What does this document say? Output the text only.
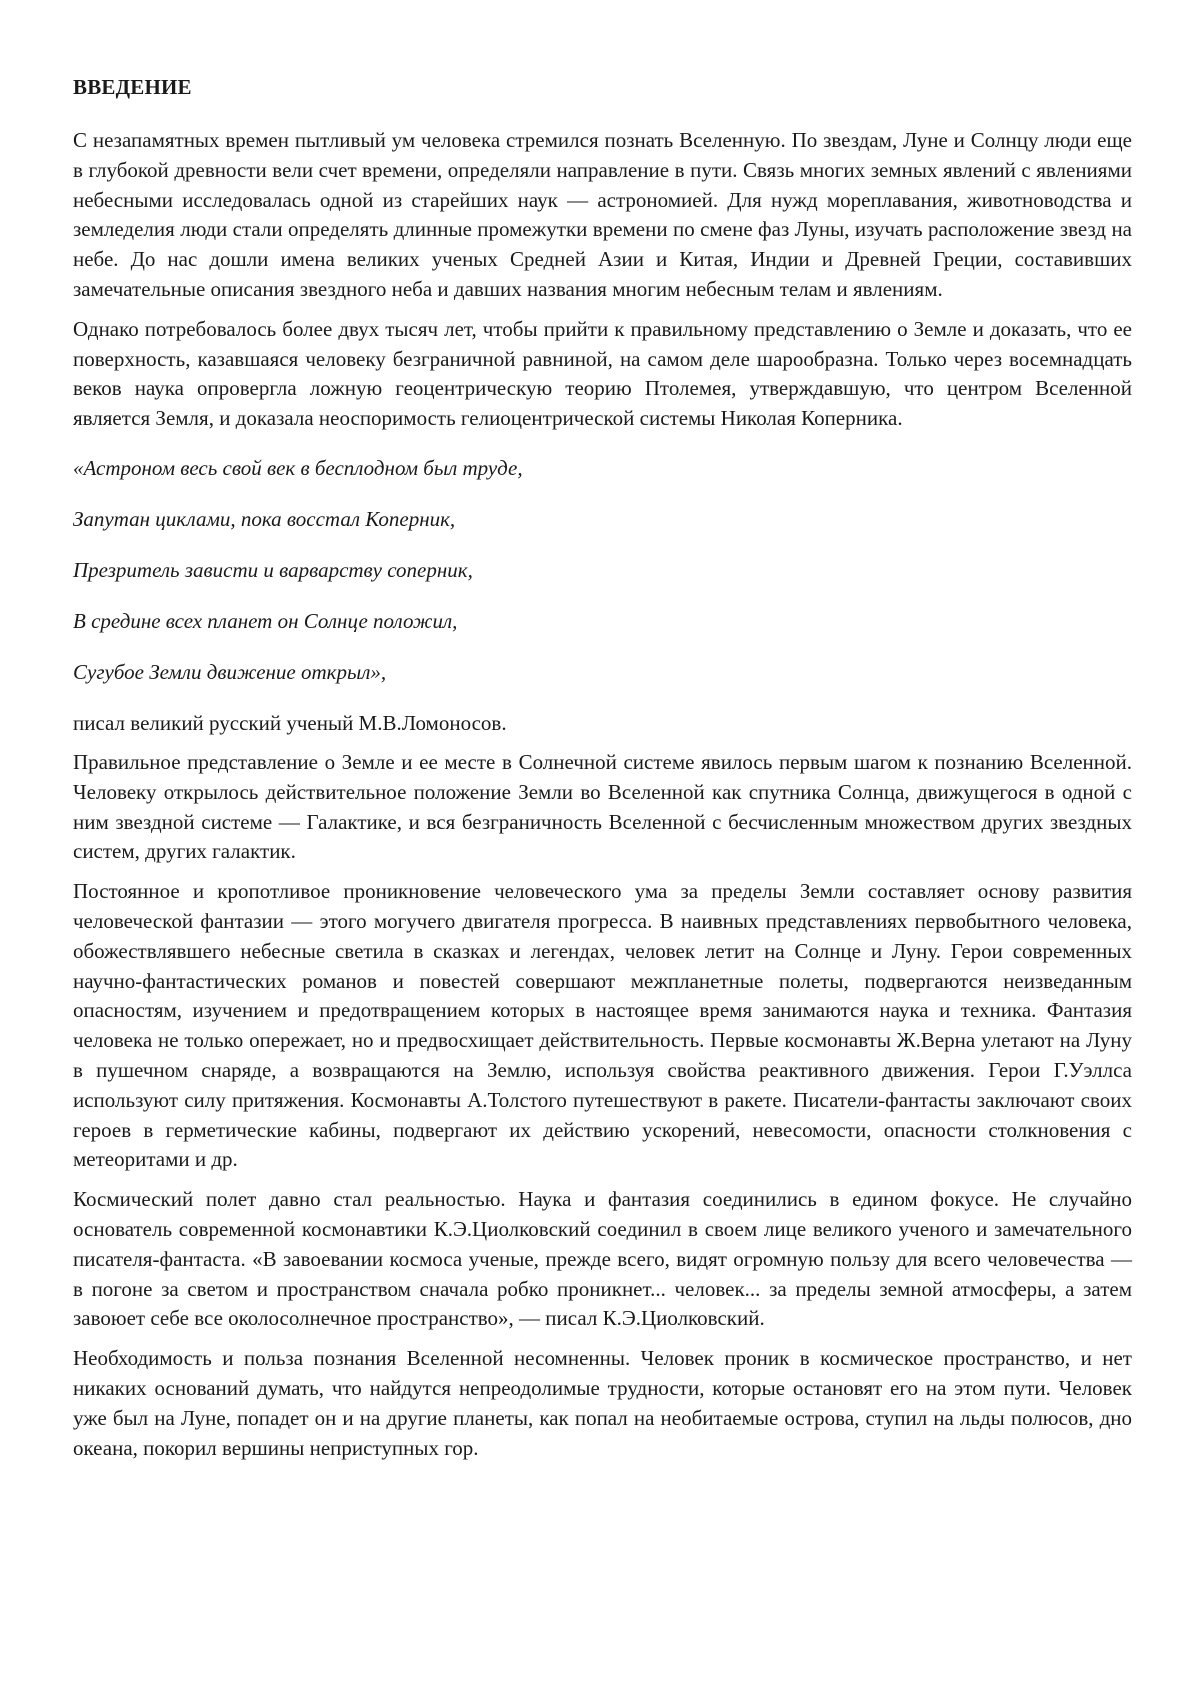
ВВЕДЕНИЕ

С незапамятных времен пытливый ум человека стремился познать Вселенную. По звездам, Луне и Солнцу люди еще в глубокой древности вели счет времени, определяли направление в пути. Связь многих земных явлений с явлениями небесными исследовалась одной из старейших наук — астрономией. Для нужд мореплавания, животноводства и земледелия люди стали определять длинные промежутки времени по смене фаз Луны, изучать расположение звезд на небе. До нас дошли имена великих ученых Средней Азии и Китая, Индии и Древней Греции, составивших замечательные описания звездного неба и давших названия многим небесным телам и явлениям.

Однако потребовалось более двух тысяч лет, чтобы прийти к правильному представлению о Земле и доказать, что ее поверхность, казавшаяся человеку безграничной равниной, на самом деле шарообразна. Только через восемнадцать веков наука опровергла ложную геоцентрическую теорию Птолемея, утверждавшую, что центром Вселенной является Земля, и доказала неоспоримость гелиоцентрической системы Николая Коперника.

«Астроном весь свой век в бесплодном был труде,

Запутан циклами, пока восстал Коперник,

Презритель зависти и варварству соперник,

В средине всех планет он Солнце положил,

Сугубое Земли движение открыл»,

писал великий русский ученый М.В.Ломоносов.

Правильное представление о Земле и ее месте в Солнечной системе явилось первым шагом к познанию Вселенной. Человеку открылось действительное положение Земли во Вселенной как спутника Солнца, движущегося в одной с ним звездной системе — Галактике, и вся безграничность Вселенной с бесчисленным множеством других звездных систем, других галактик.

Постоянное и кропотливое проникновение человеческого ума за пределы Земли составляет основу развития человеческой фантазии — этого могучего двигателя прогресса. В наивных представлениях первобытного человека, обожествлявшего небесные светила в сказках и легендах, человек летит на Солнце и Луну. Герои современных научно-фантастических романов и повестей совершают межпланетные полеты, подвергаются неизведанным опасностям, изучением и предотвращением которых в настоящее время занимаются наука и техника. Фантазия человека не только опережает, но и предвосхищает действительность. Первые космонавты Ж.Верна улетают на Луну в пушечном снаряде, а возвращаются на Землю, используя свойства реактивного движения. Герои Г.Уэллса используют силу притяжения. Космонавты А.Толстого путешествуют в ракете. Писатели-фантасты заключают своих героев в герметические кабины, подвергают их действию ускорений, невесомости, опасности столкновения с метеоритами и др.

Космический полет давно стал реальностью. Наука и фантазия соединились в едином фокусе. Не случайно основатель современной космонавтики К.Э.Циолковский соединил в своем лице великого ученого и замечательного писателя-фантаста. «В завоевании космоса ученые, прежде всего, видят огромную пользу для всего человечества — в погоне за светом и пространством сначала робко проникнет... человек... за пределы земной атмосферы, а затем завоюет себе все околосолнечное пространство», — писал К.Э.Циолковский.

Необходимость и польза познания Вселенной несомненны. Человек проник в космическое пространство, и нет никаких оснований думать, что найдутся непреодолимые трудности, которые остановят его на этом пути. Человек уже был на Луне, попадет он и на другие планеты, как попал на необитаемые острова, ступил на льды полюсов, дно океана, покорил вершины неприступных гор.
